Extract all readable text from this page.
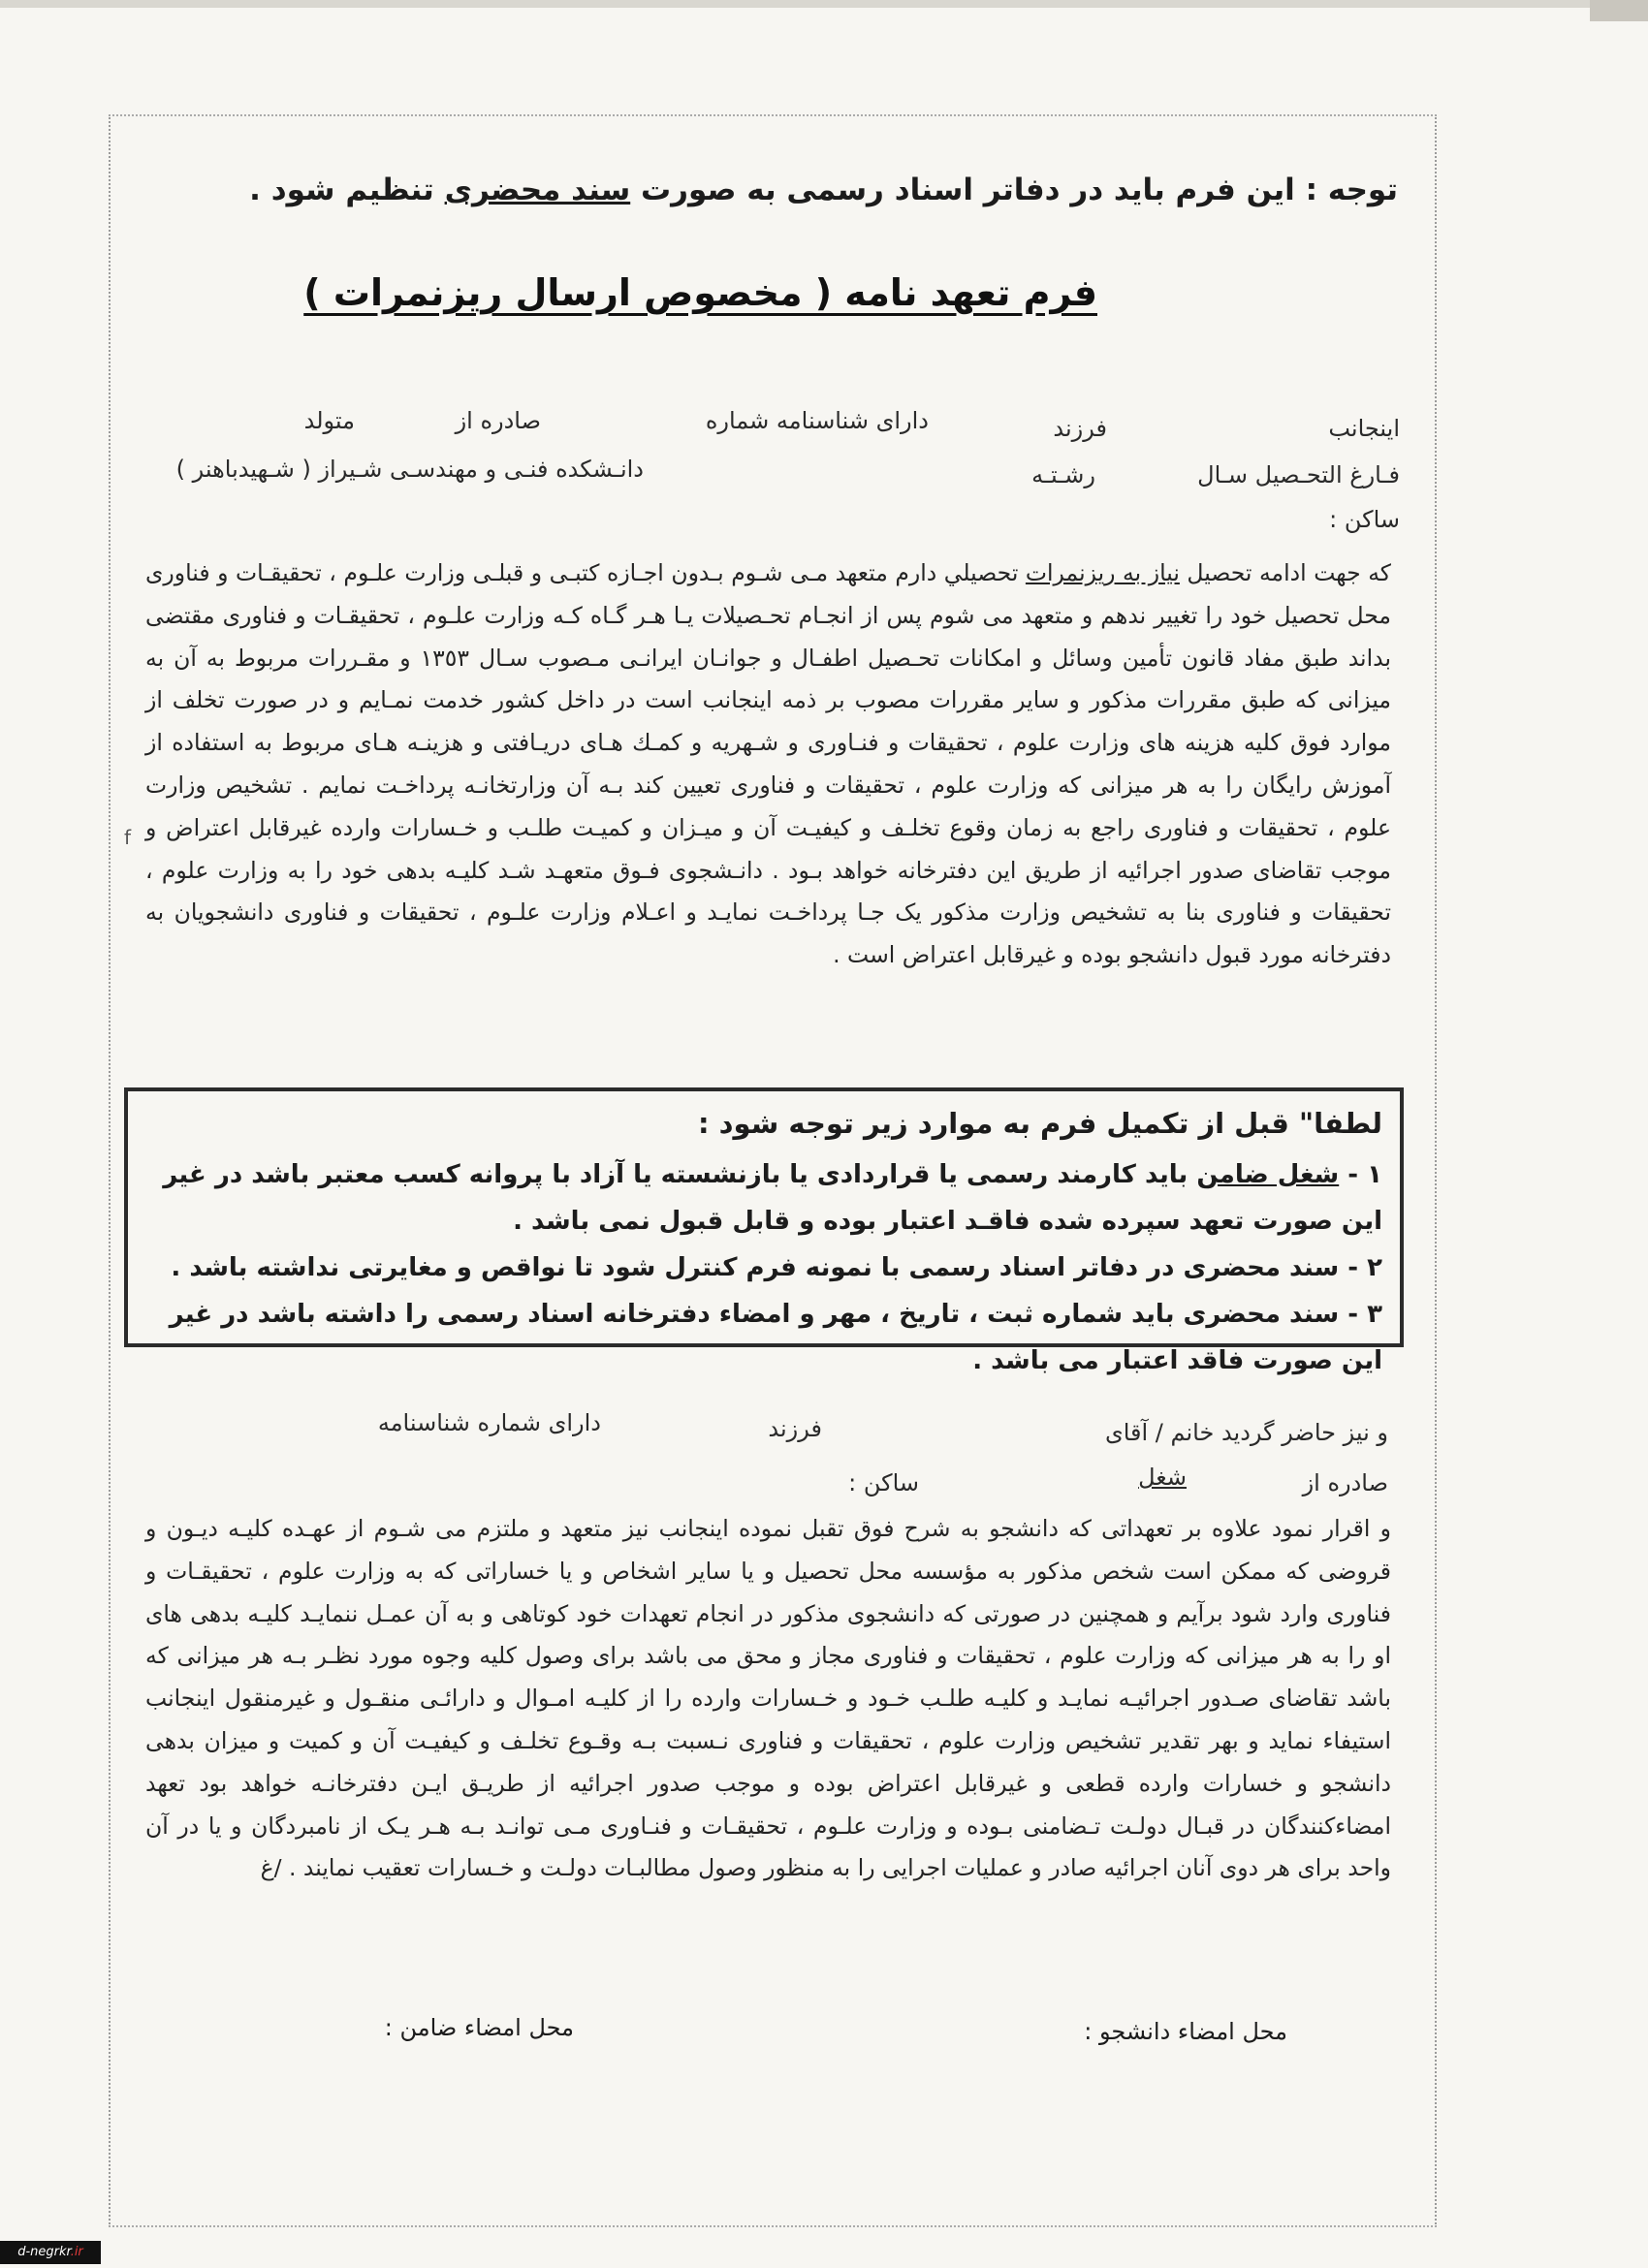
توجه : این فرم باید در دفاتر اسناد رسمی به صورت سند محضری تنظیم شود .
فرم تعهد نامه ( مخصوص ارسال ریزنمرات )
اینجانب
فرزند
دارای شناسنامه شماره
صادره از
متولد
فـارغ التحـصيل سـال
رشـتـه
دانـشكده فنـی و مهندسـی شـیراز ( شـهیدباهنر )
ساكن :
كه جهت ادامه تحصيل نياز به ريزنمرات تحصيلي دارم متعهد مـی شـوم بـدون اجـازه كتبـی و قبلـی وزارت علـوم ، تحقيقـات و فناوری محل تحصيل خود را تغيير ندهم و متعهد می شوم پس از انجـام تحـصيلات يـا هـر گـاه كـه وزارت علـوم ، تحقيقـات و فناوری مقتضی بداند طبق مفاد قانون تأمين وسائل و امكانات تحـصيل اطفـال و جوانـان ايرانـی مـصوب سـال ١٣٥٣ و مقـررات مربوط به آن به ميزانی كه طبق مقررات مذكور و ساير مقررات مصوب بر ذمه اينجانب است در داخل كشور خدمت نمـايم و در صورت تخلف از موارد فوق كليه هزينه های وزارت علوم ، تحقيقات و فنـاوری و شـهريه و كمـك هـای دريـافتی و هزينـه هـای مربوط به استفاده از آموزش رايگان را به هر ميزانی كه وزارت علوم ، تحقيقات و فناوری تعيين كند بـه آن وزارتخانـه پرداخـت نمايم . تشخيص وزارت علوم ، تحقيقات و فناوری راجع به زمان وقوع تخلـف و كيفيـت آن و ميـزان و كميـت طلـب و خـسارات وارده غيرقابل اعتراض و موجب تقاضای صدور اجرائيه از طريق اين دفترخانه خواهد بـود . دانـشجوی فـوق متعهـد شـد كليـه بدهی خود را به وزارت علوم ، تحقيقات و فناوری بنا به تشخيص وزارت مذكور يک جـا پرداخـت نمايـد و اعـلام وزارت علـوم ، تحقيقات و فناوری دانشجويان به دفترخانه مورد قبول دانشجو بوده و غيرقابل اعتراض است .
f
لطفا" قبل از تكميل فرم به موارد زير توجه شود :
١ - شغل ضامن بايد كارمند رسمی يا قراردادی يا بازنشسته يا آزاد با پروانه كسب معتبر باشد در غير اين صورت تعهد سپرده شده فاقـد اعتبار بوده و قابل قبول نمی باشد .
٢ - سند محضری در دفاتر اسناد رسمی با نمونه فرم كنترل شود تا نواقص و مغايرتی نداشته باشد .
٣ - سند محضری بايد شماره ثبت ، تاريخ ، مهر و امضاء دفترخانه اسناد رسمی را داشته باشد در غير اين صورت فاقد اعتبار می باشد .
و نيز حاضر گرديد خانم / آقای
فرزند
دارای شماره شناسنامه
صادره از
شغل
ساكن :
و اقرار نمود علاوه بر تعهداتی كه دانشجو به شرح فوق تقبل نموده اينجانب نيز متعهد و ملتزم می شـوم از عهـده كليـه ديـون و قروضی كه ممكن است شخص مذكور به مؤسسه محل تحصيل و يا ساير اشخاص و يا خساراتی كه به وزارت علوم ، تحقيقـات و فناوری وارد شود برآيم و همچنين در صورتی كه دانشجوی مذكور در انجام تعهدات خود كوتاهی و به آن عمـل ننمايـد كليـه بدهی های او را به هر ميزانی كه وزارت علوم ، تحقيقات و فناوری مجاز و محق می باشد برای وصول كليه وجوه مورد نظـر بـه هر ميزانی كه باشد تقاضای صـدور اجرائيـه نمايـد و كليـه طلـب خـود و خـسارات وارده را از كليـه امـوال و دارائـی منقـول و غيرمنقول اينجانب استيفاء نمايد و بهر تقدير تشخيص وزارت علوم ، تحقيقات و فناوری نـسبت بـه وقـوع تخلـف و كيفيـت آن و كميت و ميزان بدهی دانشجو و خسارات وارده قطعی و غيرقابل اعتراض بوده و موجب صدور اجرائيه از طريـق ايـن دفترخانـه خواهد بود تعهد امضاءكنندگان در قبـال دولـت تـضامنی بـوده و وزارت علـوم ، تحقيقـات و فنـاوری مـی توانـد بـه هـر يـک از نامبردگان و يا در آن واحد برای هر دوی آنان اجرائيه صادر و عمليات اجرايی را به منظور وصول مطالبـات دولـت و خـسارات تعقيب نمايند . /غ
محل امضاء دانشجو :
محل امضاء ضامن :
d-negrkr.ir
